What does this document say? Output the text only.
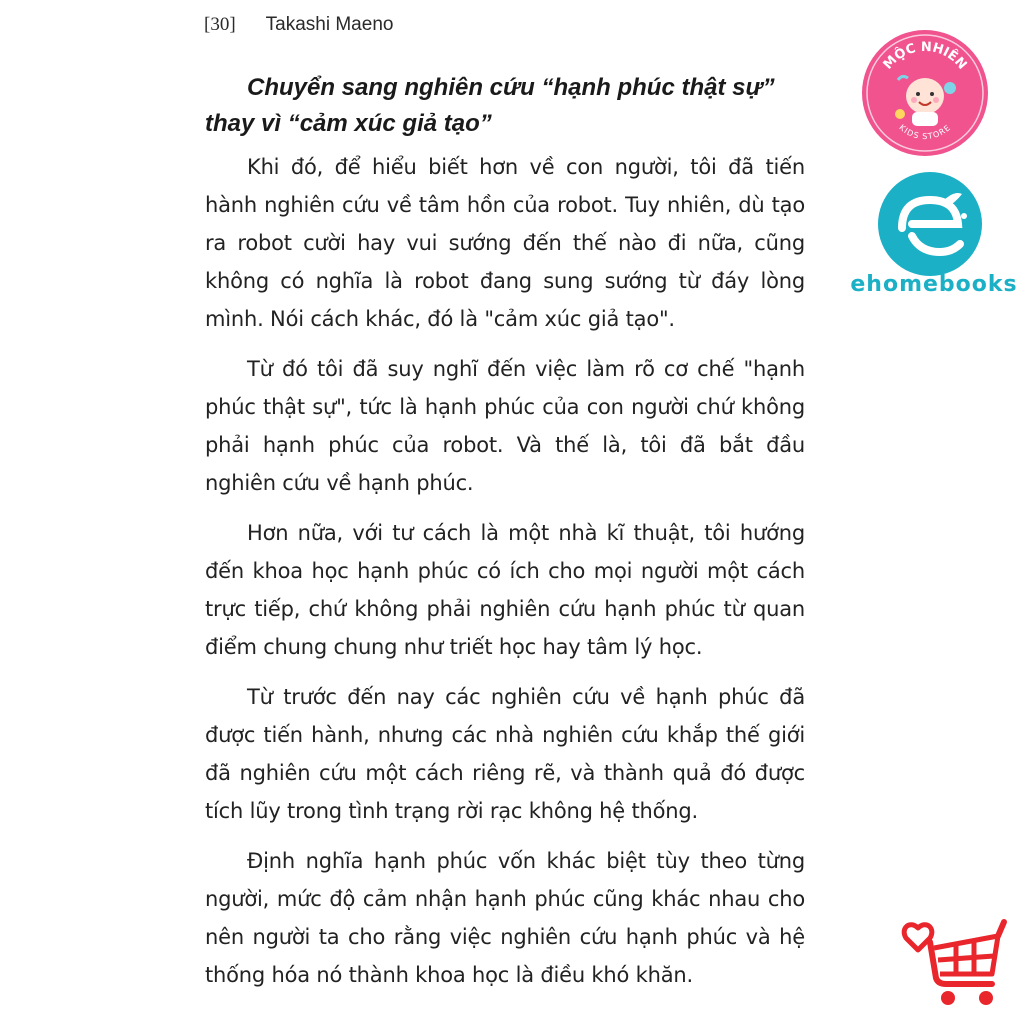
[30] Takashi Maeno
Chuyển sang nghiên cứu “hạnh phúc thật sự” thay vì “cảm xúc giả tạo”

Khi đó, để hiểu biết hơn về con người, tôi đã tiến hành nghiên cứu về tâm hồn của robot. Tuy nhiên, dù tạo ra robot cười hay vui sướng đến thế nào đi nữa, cũng không có nghĩa là robot đang sung sướng từ đáy lòng mình. Nói cách khác, đó là "cảm xúc giả tạo".

Từ đó tôi đã suy nghĩ đến việc làm rõ cơ chế "hạnh phúc thật sự", tức là hạnh phúc của con người chứ không phải hạnh phúc của robot. Và thế là, tôi đã bắt đầu nghiên cứu về hạnh phúc.

Hơn nữa, với tư cách là một nhà kĩ thuật, tôi hướng đến khoa học hạnh phúc có ích cho mọi người một cách trực tiếp, chứ không phải nghiên cứu hạnh phúc từ quan điểm chung chung như triết học hay tâm lý học.

Từ trước đến nay các nghiên cứu về hạnh phúc đã được tiến hành, nhưng các nhà nghiên cứu khắp thế giới đã nghiên cứu một cách riêng rẽ, và thành quả đó được tích lũy trong tình trạng rời rạc không hệ thống.

Định nghĩa hạnh phúc vốn khác biệt tùy theo từng người, mức độ cảm nhận hạnh phúc cũng khác nhau cho nên người ta cho rằng việc nghiên cứu hạnh phúc và hệ thống hóa nó thành khoa học là điều khó khăn.

MỘC NHIÊN
KIDS STORE
ehomebooks
